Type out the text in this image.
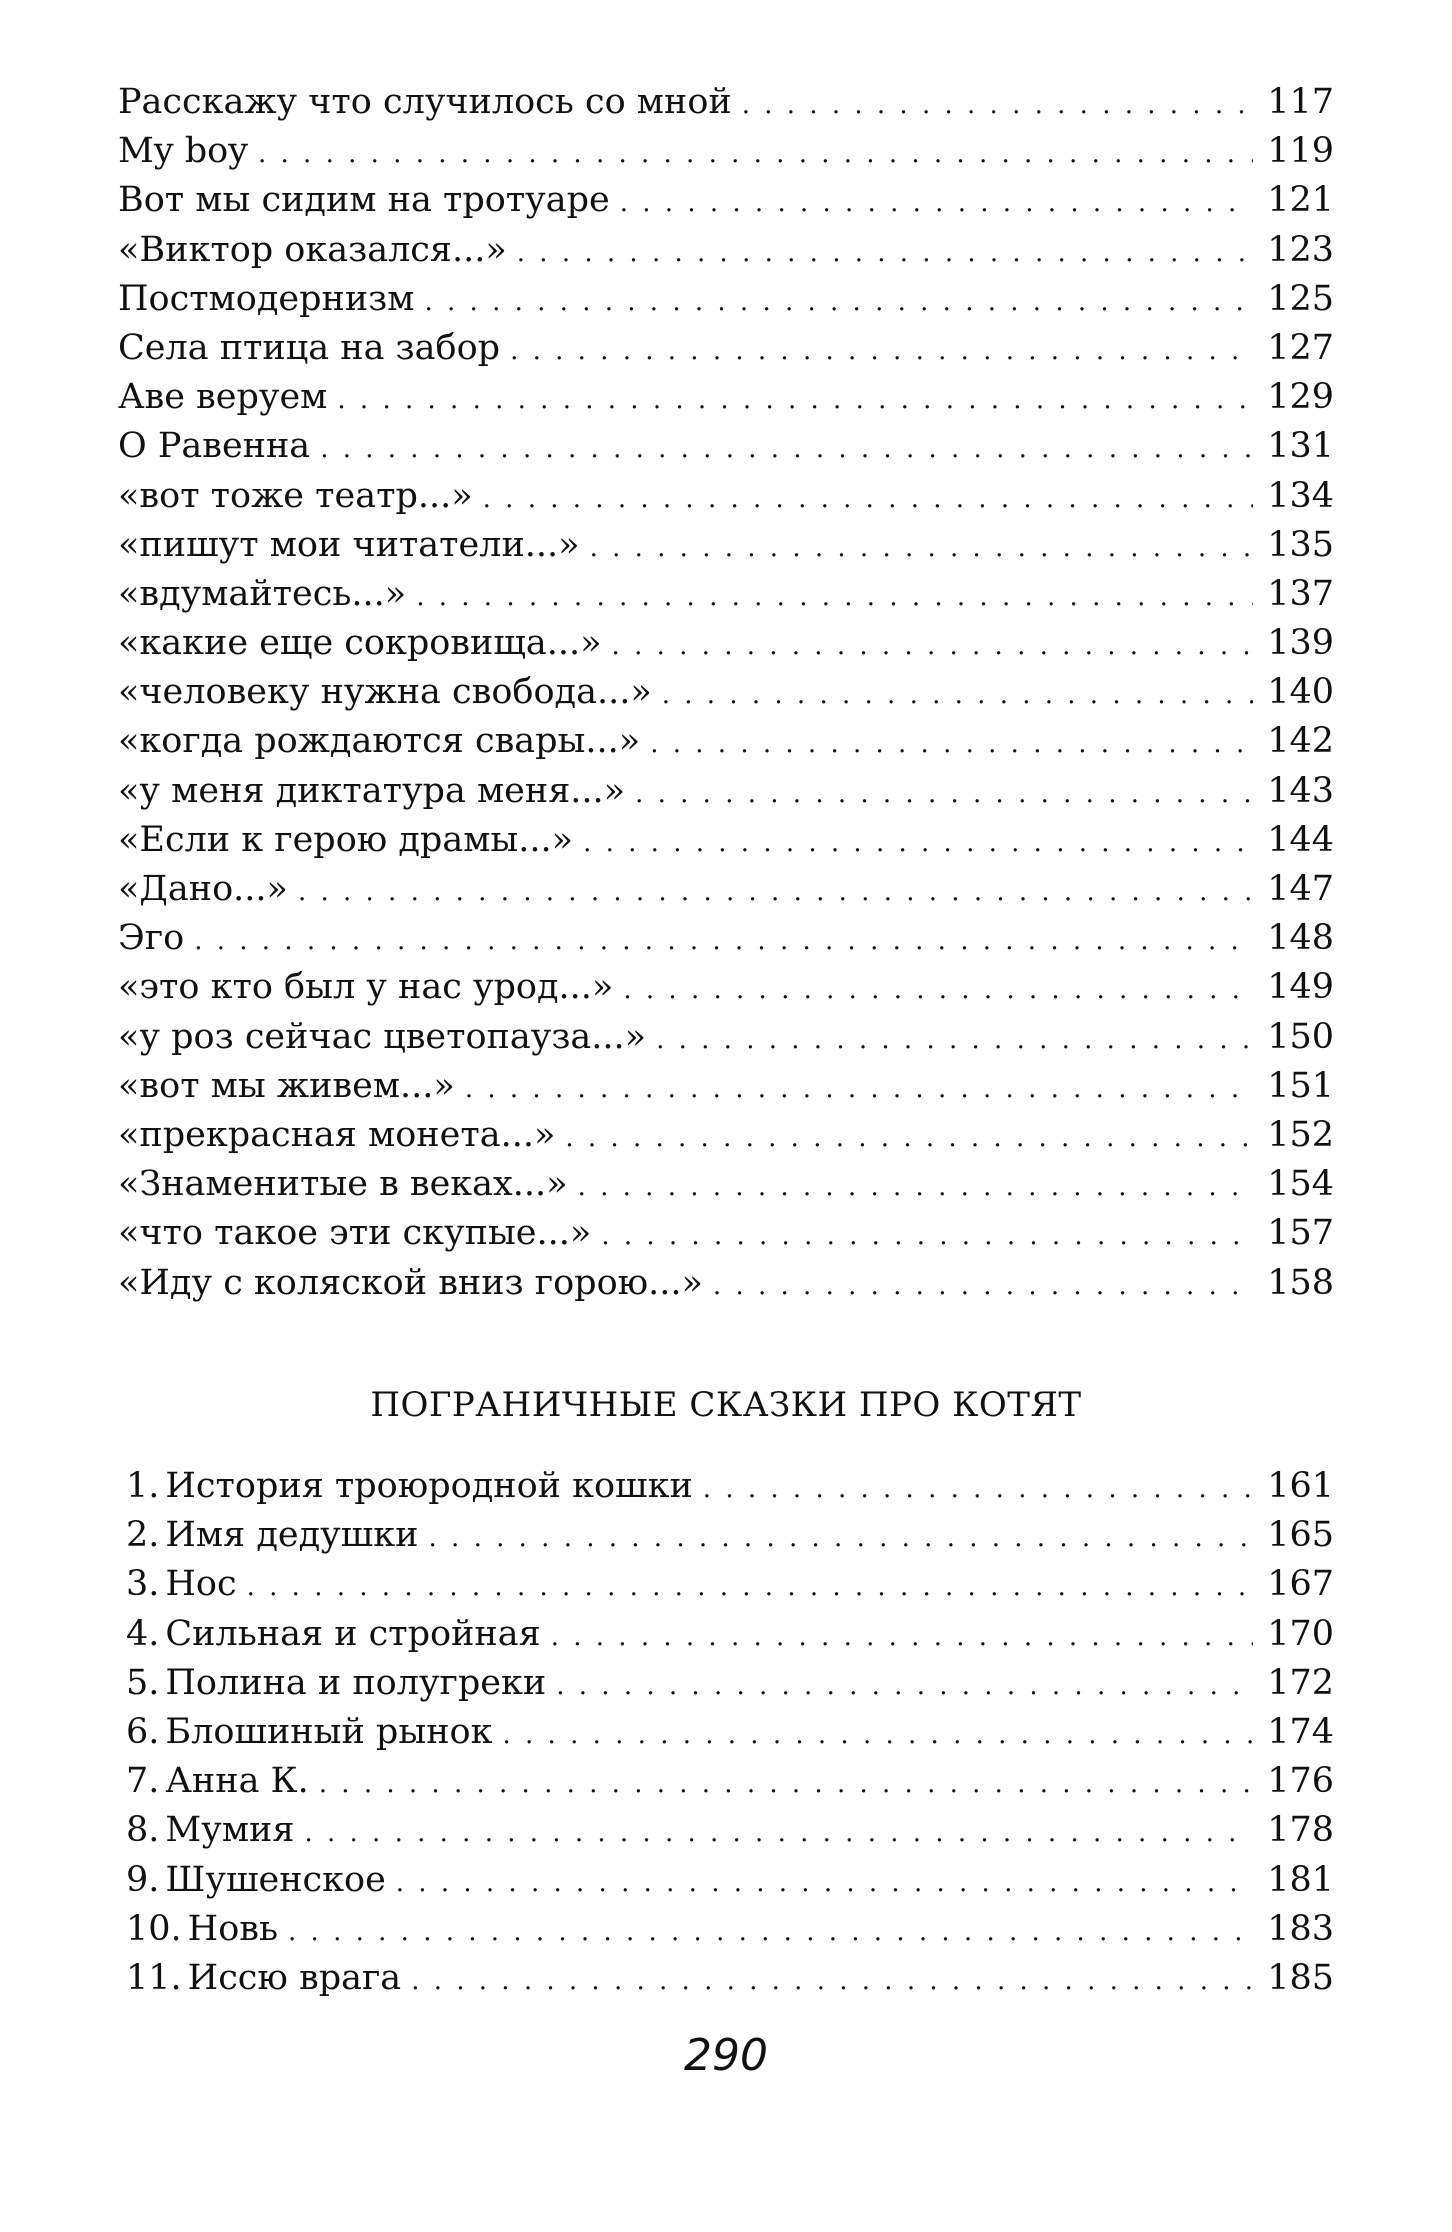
Расскажу что случилось со мной . . .	117
My boy . . .	119
Вот мы сидим на тротуаре . . .	121
«Виктор оказался...» . . .	123
Постмодернизм . . .	125
Села птица на забор . . .	127
Аве веруем . . .	129
О Равенна . . .	131
«вот тоже театр...» . . .	134
«пишут мои читатели...» . . .	135
«вдумайтесь...» . . .	137
«какие еще сокровища...» . . .	139
«человеку нужна свобода...» . . .	140
«когда рождаются свары...» . . .	142
«у меня диктатура меня...» . . .	143
«Если к герою драмы...» . . .	144
«Дано...» . . .	147
Эго . . .	148
«это кто был у нас урод...» . . .	149
«у роз сейчас цветопауза...» . . .	150
«вот мы живем...» . . .	151
«прекрасная монета...» . . .	152
«Знаменитые в веках...» . . .	154
«что такое эти скупые...» . . .	157
«Иду с коляской вниз горою...» . . .	158
ПОГРАНИЧНЫЕ СКАЗКИ ПРО КОТЯТ
1. История троюродной кошки . . .	161
2. Имя дедушки . . .	165
3. Нос . . .	167
4. Сильная и стройная . . .	170
5. Полина и полугреки . . .	172
6. Блошиный рынок . . .	174
7. Анна К. . . .	176
8. Мумия . . .	178
9. Шушенское . . .	181
10. Новь . . .	183
11. Иссю врага . . .	185
290
